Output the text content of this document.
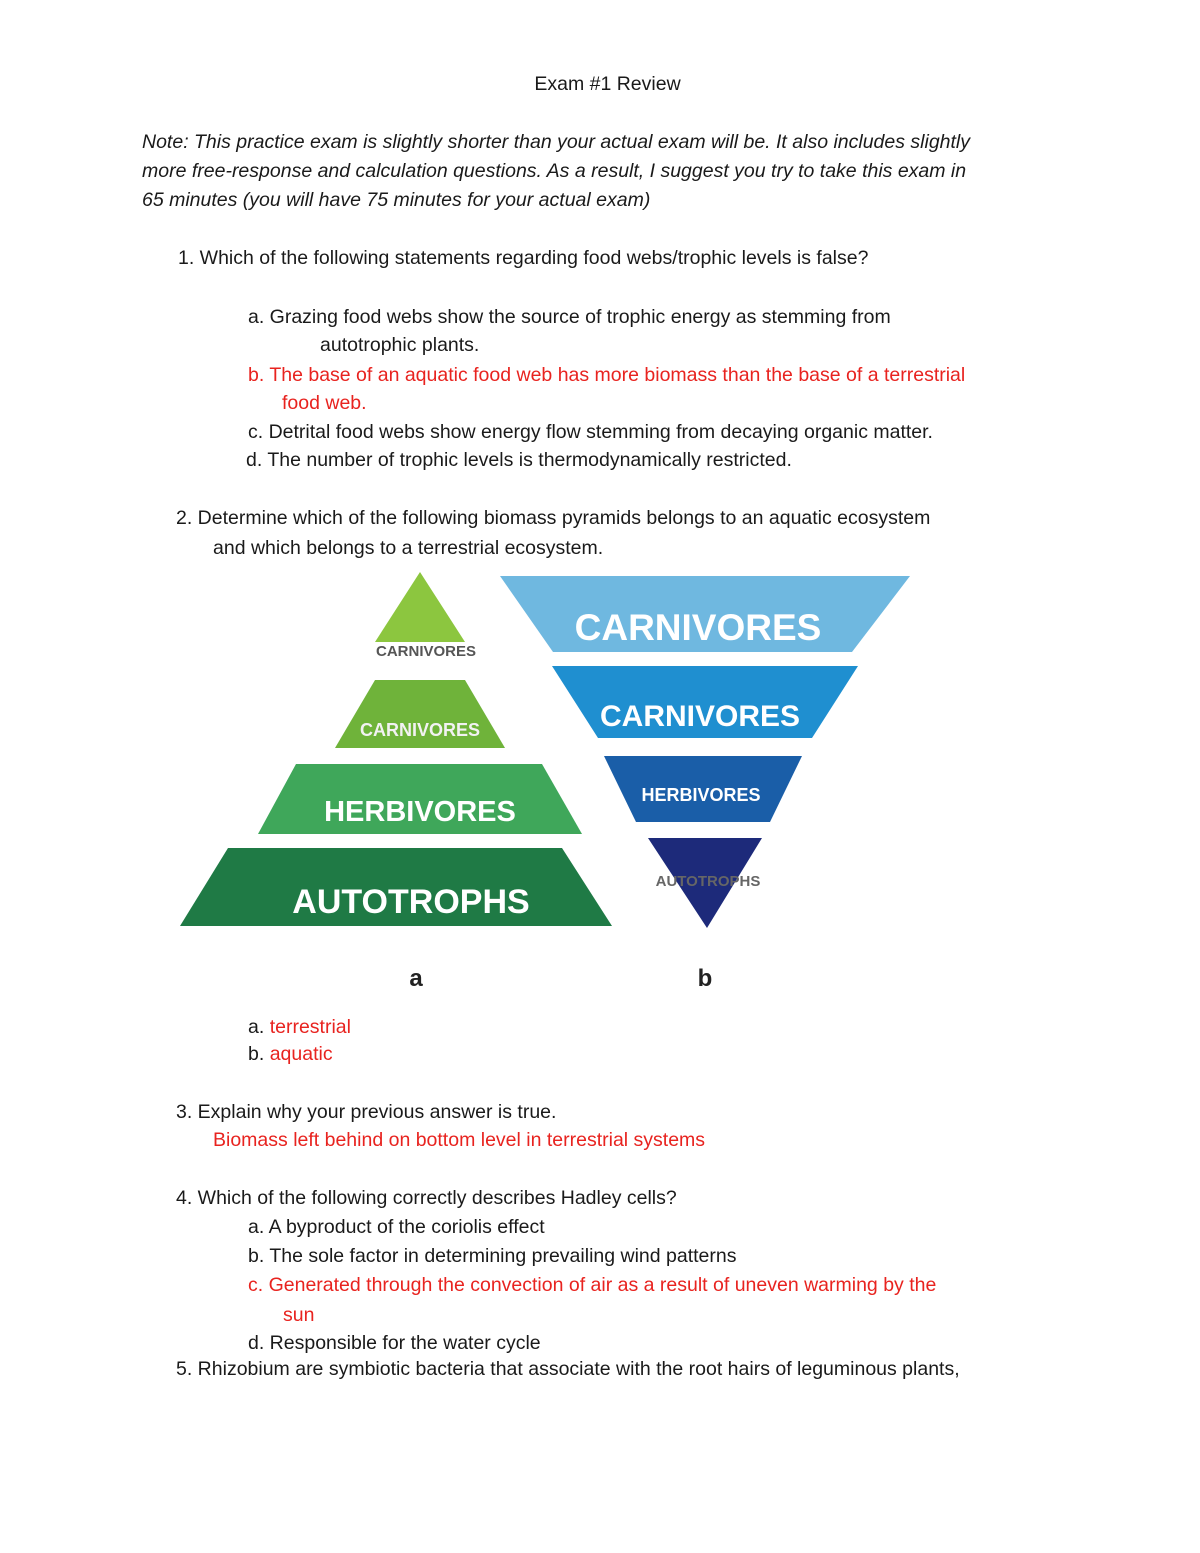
Exam #1 Review
Note: This practice exam is slightly shorter than your actual exam will be. It also includes slightly
more free-response and calculation questions. As a result, I suggest you try to take this exam in
65 minutes (you will have 75 minutes for your actual exam)
1. Which of the following statements regarding food webs/trophic levels is false?
a. Grazing food webs show the source of trophic energy as stemming from
autotrophic plants.
b. The base of an aquatic food web has more biomass than the base of a terrestrial
food web.
c. Detrital food webs show energy flow stemming from decaying organic matter.
d. The number of trophic levels is thermodynamically restricted.
2. Determine which of the following biomass pyramids belongs to an aquatic ecosystem
and which belongs to a terrestrial ecosystem.
CARNIVORES
CARNIVORES
HERBIVORES
AUTOTROPHS
a
CARNIVORES
CARNIVORES
HERBIVORES
AUTOTROPHS
b
a. terrestrial
b. aquatic
3. Explain why your previous answer is true.
Biomass left behind on bottom level in terrestrial systems
4. Which of the following correctly describes Hadley cells?
a. A byproduct of the coriolis effect
b. The sole factor in determining prevailing wind patterns
c. Generated through the convection of air as a result of uneven warming by the
sun
d. Responsible for the water cycle
5. Rhizobium are symbiotic bacteria that associate with the root hairs of leguminous plants,
